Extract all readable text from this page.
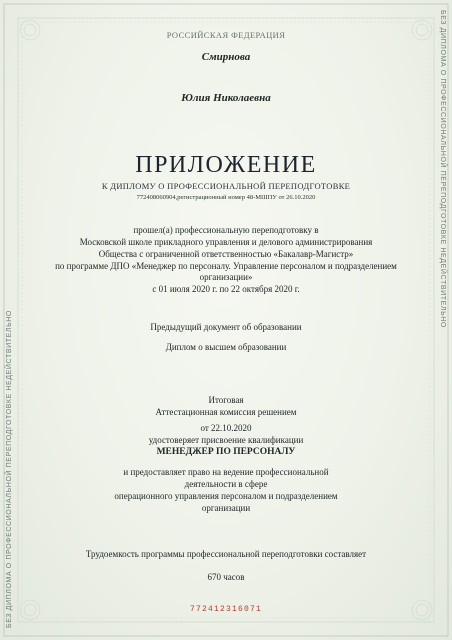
БЕЗ ДИПЛОМА О ПРОФЕССИОНАЛЬНОЙ ПЕРЕПОДГОТОВКЕ НЕДЕЙСТВИТЕЛЬНО
БЕЗ ДИПЛОМА О ПРОФЕССИОНАЛЬНОЙ ПЕРЕПОДГОТОВКЕ НЕДЕЙСТВИТЕЛЬНО
РОССИЙСКАЯ ФЕДЕРАЦИЯ
Смирнова
Юлия Николаевна
ПРИЛОЖЕНИЕ
К ДИПЛОМУ О ПРОФЕССИОНАЛЬНОЙ ПЕРЕПОДГОТОВКЕ
772408060904,регистрационный номер 48-МШПУ от 26.10.2020
прошел(а) профессиональную переподготовку в
Московской школе прикладного управления и делового администрирования
Общества с ограниченной ответственностью «Бакалавр-Магистр»
по программе ДПО «Менеджер по персоналу. Управление персоналом и подразделением
организации»
с 01 июля 2020 г. по 22 октября 2020 г.
Предыдущий документ об образовании
Диплом о высшем образовании
Итоговая
Аттестационная комиссия решением
от 22.10.2020
удостоверяет присвоение квалификации
МЕНЕДЖЕР ПО ПЕРСОНАЛУ
и предоставляет право на ведение профессиональной
деятельности в сфере
операционного управления персоналом и подразделением
организации
Трудоемкость программы профессиональной переподготовки составляет
670 часов
772412316071
